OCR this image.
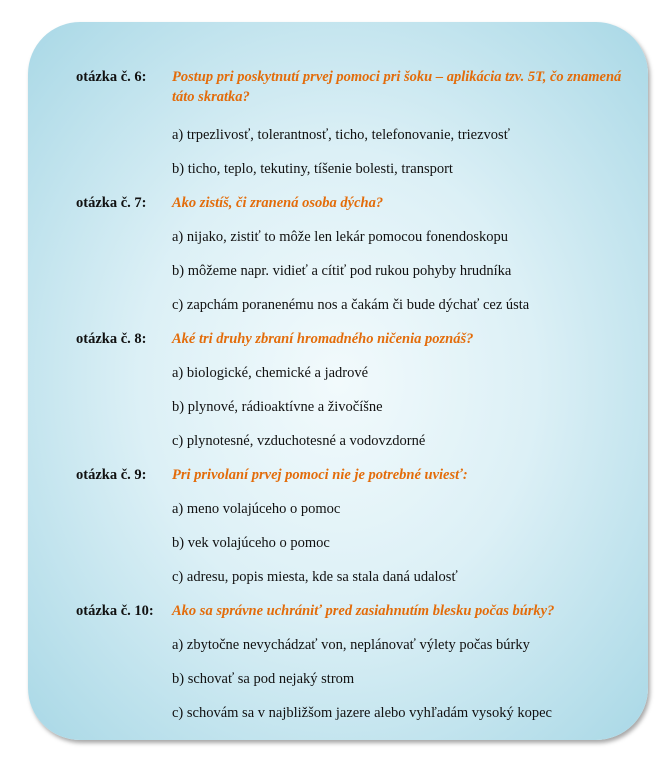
otázka č. 6:	Postup pri poskytnutí prvej pomoci pri šoku – aplikácia tzv. 5T, čo znamená táto skratka?
a) trpezlivosť, tolerantnosť, ticho, telefonovanie, triezvosť
b) ticho, teplo, tekutiny, tíšenie bolesti, transport
otázka č. 7:	Ako zistíš, či zranená osoba dýcha?
a) nijako, zistiť to môže len lekár pomocou fonendoskopu
b) môžeme napr. vidieť a cítiť pod rukou pohyby hrudníka
c) zapchám poranenému nos a čakám či bude dýchať cez ústa
otázka č. 8:	Aké tri druhy zbraní hromadného ničenia poznáš?
a) biologické, chemické a jadrové
b) plynové, rádioaktívne a živočíšne
c) plynotesné, vzduchotesné a vodovzdorné
otázka č. 9:	Pri privolaní prvej pomoci nie je potrebné uviesť:
a) meno volajúceho o pomoc
b) vek volajúceho o pomoc
c) adresu, popis miesta, kde sa stala daná udalosť
otázka č. 10:	Ako sa správne uchrániť pred zasiahnutím blesku počas búrky?
a) zbytočne nevychádzať von, neplánovať výlety počas búrky
b) schovať sa pod nejaký strom
c) schovám sa v najbližšom jazere alebo vyhľadám vysoký kopec
